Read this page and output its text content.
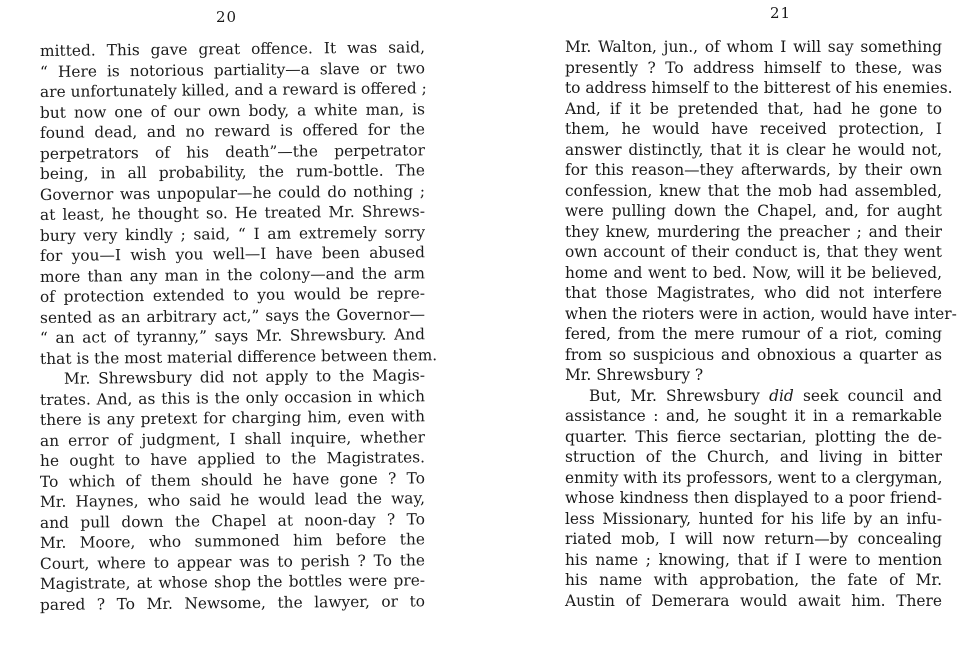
20
mitted. This gave great offence. It was said,
“ Here is notorious partiality—a slave or two
are unfortunately killed, and a reward is offered ;
but now one of our own body, a white man, is
found dead, and no reward is offered for the
perpetrators of his death”—the perpetrator
being, in all probability, the rum-bottle. The
Governor was unpopular—he could do nothing ;
at least, he thought so. He treated Mr. Shrews-
bury very kindly ; said, “ I am extremely sorry
for you—I wish you well—I have been abused
more than any man in the colony—and the arm
of protection extended to you would be repre-
sented as an arbitrary act,” says the Governor—
“ an act of tyranny,” says Mr. Shrewsbury. And
that is the most material difference between them.
Mr. Shrewsbury did not apply to the Magis-
trates. And, as this is the only occasion in which
there is any pretext for charging him, even with
an error of judgment, I shall inquire, whether
he ought to have applied to the Magistrates.
To which of them should he have gone ? To
Mr. Haynes, who said he would lead the way,
and pull down the Chapel at noon-day ? To
Mr. Moore, who summoned him before the
Court, where to appear was to perish ? To the
Magistrate, at whose shop the bottles were pre-
pared ? To Mr. Newsome, the lawyer, or to
21
Mr. Walton, jun., of whom I will say something
presently ? To address himself to these, was
to address himself to the bitterest of his enemies.
And, if it be pretended that, had he gone to
them, he would have received protection, I
answer distinctly, that it is clear he would not,
for this reason—they afterwards, by their own
confession, knew that the mob had assembled,
were pulling down the Chapel, and, for aught
they knew, murdering the preacher ; and their
own account of their conduct is, that they went
home and went to bed. Now, will it be believed,
that those Magistrates, who did not interfere
when the rioters were in action, would have inter-
fered, from the mere rumour of a riot, coming
from so suspicious and obnoxious a quarter as
Mr. Shrewsbury ?
But, Mr. Shrewsbury did seek council and
assistance : and, he sought it in a remarkable
quarter. This fierce sectarian, plotting the de-
struction of the Church, and living in bitter
enmity with its professors, went to a clergyman,
whose kindness then displayed to a poor friend-
less Missionary, hunted for his life by an infu-
riated mob, I will now return—by concealing
his name ; knowing, that if I were to mention
his name with approbation, the fate of Mr.
Austin of Demerara would await him. There
